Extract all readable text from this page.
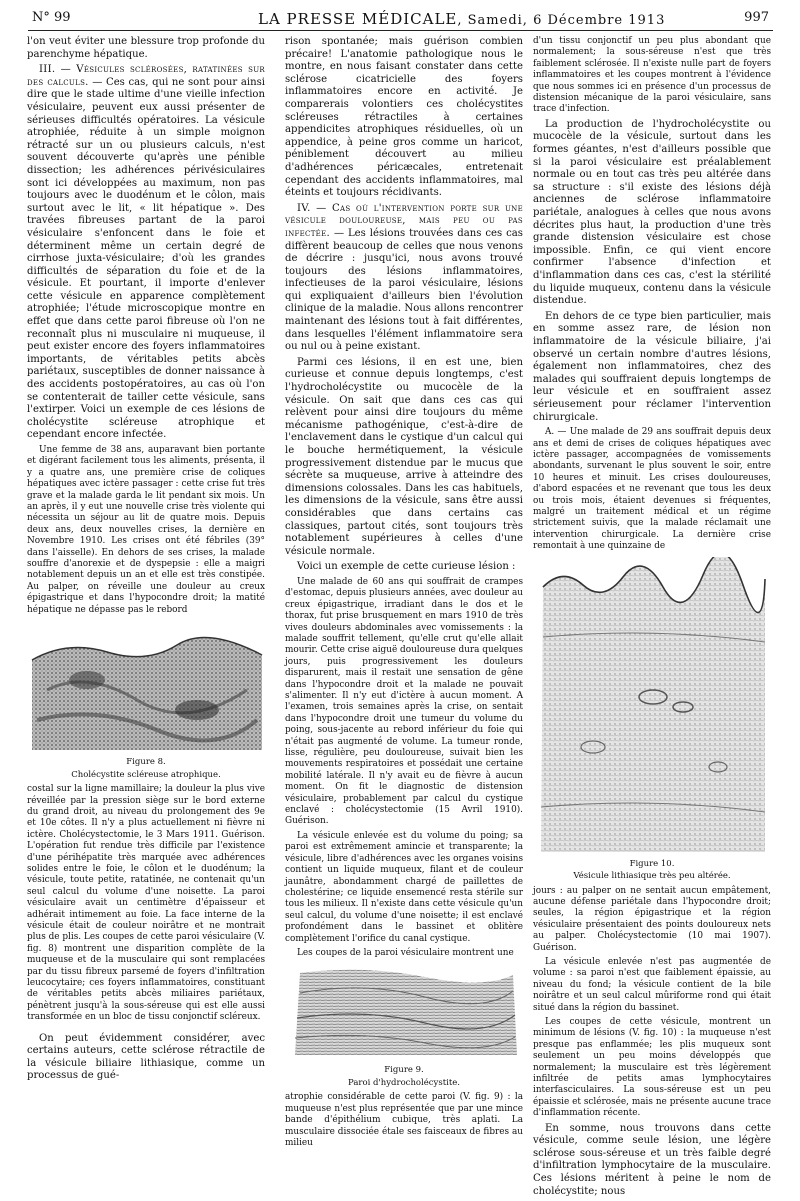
N° 99	LA PRESSE MÉDICALE, Samedi, 6 Décembre 1913	997

l'on veut éviter une blessure trop profonde du parenchyme hépatique.

III. — Vésicules sclérosées, ratatinées sur des calculs. — Ces cas, qui ne sont pour ainsi dire que le stade ultime d'une vieille infection vésiculaire, peuvent eux aussi présenter de sérieuses difficultés opératoires. La vésicule atrophiée, réduite à un simple moignon rétracté sur un ou plusieurs calculs, n'est souvent découverte qu'après une pénible dissection; les adhérences périvésiculaires sont ici développées au maximum, non pas toujours avec le duodénum et le côlon, mais surtout avec le lit, « lit hépatique ». Des travées fibreuses partant de la paroi vésiculaire s'enfoncent dans le foie et déterminent même un certain degré de cirrhose juxta-vésiculaire; d'où les grandes difficultés de séparation du foie et de la vésicule. Et pourtant, il importe d'enlever cette vésicule en apparence complètement atrophiée; l'étude microscopique montre en effet que dans cette paroi fibreuse où l'on ne reconnaît plus ni musculaire ni muqueuse, il peut exister encore des foyers inflammatoires importants, de véritables petits abcès pariétaux, susceptibles de donner naissance à des accidents postopératoires, au cas où l'on se contenterait de tailler cette vésicule, sans l'extirper. Voici un exemple de ces lésions de cholécystite scléreuse atrophique et cependant encore infectée.

Une femme de 38 ans, auparavant bien portante et digérant facilement tous les aliments, présenta, il y a quatre ans, une première crise de coliques hépatiques avec ictère passager : cette crise fut très grave et la malade garda le lit pendant six mois. Un an après, il y eut une nouvelle crise très violente qui nécessita un séjour au lit de quatre mois. Depuis deux ans, deux nouvelles crises, la dernière en Novembre 1910. Les crises ont été fébriles (39° dans l'aisselle). En dehors de ses crises, la malade souffre d'anorexie et de dyspepsie : elle a maigri notablement depuis un an et elle est très constipée. Au palper, on réveille une douleur au creux épigastrique et dans l'hypocondre droit; la matité hépatique ne dépasse pas le rebord

Figure 8.
Cholécystite scléreuse atrophique.

costal sur la ligne mamillaire; la douleur la plus vive réveillée par la pression siège sur le bord externe du grand droit, au niveau du prolongement des 9e et 10e côtes. Il n'y a plus actuellement ni fièvre ni ictère. Cholécystectomie, le 3 Mars 1911. Guérison. L'opération fut rendue très difficile par l'existence d'une périhépatite très marquée avec adhérences solides entre le foie, le côlon et le duodénum; la vésicule, toute petite, ratatinée, ne contenait qu'un seul calcul du volume d'une noisette. La paroi vésiculaire avait un centimètre d'épaisseur et adhérait intimement au foie. La face interne de la vésicule était de couleur noirâtre et ne montrait plus de plis. Les coupes de cette paroi vésiculaire (V. fig. 8) montrent une disparition complète de la muqueuse et de la musculaire qui sont remplacées par du tissu fibreux parsemé de foyers d'infiltration leucocytaire; ces foyers inflammatoires, constituant de véritables petits abcès miliaires pariétaux, pénètrent jusqu'à la sous-séreuse qui est elle aussi transformée en un bloc de tissu conjonctif scléreux.

On peut évidemment considérer, avec certains auteurs, cette sclérose rétractile de la vésicule biliaire lithiasique, comme un processus de gué-

rison spontanée; mais guérison combien précaire! L'anatomie pathologique nous le montre, en nous faisant constater dans cette sclérose cicatricielle des foyers inflammatoires encore en activité. Je comparerais volontiers ces cholécystites scléreuses rétractiles à certaines appendicites atrophiques résiduelles, où un appendice, à peine gros comme un haricot, péniblement découvert au milieu d'adhérences péricæcales, entretenait cependant des accidents inflammatoires, mal éteints et toujours récidivants.

IV. — Cas où l'intervention porte sur une vésicule douloureuse, mais peu ou pas infectée. — Les lésions trouvées dans ces cas diffèrent beaucoup de celles que nous venons de décrire : jusqu'ici, nous avons trouvé toujours des lésions inflammatoires, infectieuses de la paroi vésiculaire, lésions qui expliquaient d'ailleurs bien l'évolution clinique de la maladie. Nous allons rencontrer maintenant des lésions tout à fait différentes, dans lesquelles l'élément inflammatoire sera ou nul ou à peine existant.

Parmi ces lésions, il en est une, bien curieuse et connue depuis longtemps, c'est l'hydrocholécystite ou mucocèle de la vésicule. On sait que dans ces cas qui relèvent pour ainsi dire toujours du même mécanisme pathogénique, c'est-à-dire de l'enclavement dans le cystique d'un calcul qui le bouche hermétiquement, la vésicule progressivement distendue par le mucus que sécrète sa muqueuse, arrive à atteindre des dimensions colossales. Dans les cas habituels, les dimensions de la vésicule, sans être aussi considérables que dans certains cas classiques, partout cités, sont toujours très notablement supérieures à celles d'une vésicule normale.

Voici un exemple de cette curieuse lésion :

Une malade de 60 ans qui souffrait de crampes d'estomac, depuis plusieurs années, avec douleur au creux épigastrique, irradiant dans le dos et le thorax, fut prise brusquement en mars 1910 de très vives douleurs abdominales avec vomissements : la malade souffrit tellement, qu'elle crut qu'elle allait mourir. Cette crise aiguë douloureuse dura quelques jours, puis progressivement les douleurs disparurent, mais il restait une sensation de gêne dans l'hypocondre droit et la malade ne pouvait s'alimenter. Il n'y eut d'ictère à aucun moment. A l'examen, trois semaines après la crise, on sentait dans l'hypocondre droit une tumeur du volume du poing, sous-jacente au rebord inférieur du foie qui n'était pas augmenté de volume. La tumeur ronde, lisse, régulière, peu douloureuse, suivait bien les mouvements respiratoires et possédait une certaine mobilité latérale. Il n'y avait eu de fièvre à aucun moment. On fit le diagnostic de distension vésiculaire, probablement par calcul du cystique enclavé : cholécystectomie (15 Avril 1910). Guérison.

La vésicule enlevée est du volume du poing; sa paroi est extrêmement amincie et transparente; la vésicule, libre d'adhérences avec les organes voisins contient un liquide muqueux, filant et de couleur jaunâtre, abondamment chargé de paillettes de cholestérine; ce liquide ensemencé resta stérile sur tous les milieux. Il n'existe dans cette vésicule qu'un seul calcul, du volume d'une noisette; il est enclavé profondément dans le bassinet et oblitère complètement l'orifice du canal cystique.

Les coupes de la paroi vésiculaire montrent une

Figure 9.
Paroi d'hydrocholécystite.

atrophie considérable de cette paroi (V. fig. 9) : la muqueuse n'est plus représentée que par une mince bande d'épithélium cubique, très aplati. La musculaire dissociée étale ses faisceaux de fibres au milieu

d'un tissu conjonctif un peu plus abondant que normalement; la sous-séreuse n'est que très faiblement sclérosée. Il n'existe nulle part de foyers inflammatoires et les coupes montrent à l'évidence que nous sommes ici en présence d'un processus de distension mécanique de la paroi vésiculaire, sans trace d'infection.

La production de l'hydrocholécystite ou mucocèle de la vésicule, surtout dans les formes géantes, n'est d'ailleurs possible que si la paroi vésiculaire est préalablement normale ou en tout cas très peu altérée dans sa structure : s'il existe des lésions déjà anciennes de sclérose inflammatoire pariétale, analogues à celles que nous avons décrites plus haut, la production d'une très grande distension vésiculaire est chose impossible. Enfin, ce qui vient encore confirmer l'absence d'infection et d'inflammation dans ces cas, c'est la stérilité du liquide muqueux, contenu dans la vésicule distendue.

En dehors de ce type bien particulier, mais en somme assez rare, de lésion non inflammatoire de la vésicule biliaire, j'ai observé un certain nombre d'autres lésions, également non inflammatoires, chez des malades qui souffraient depuis longtemps de leur vésicule et en souffraient assez sérieusement pour réclamer l'intervention chirurgicale.

A. — Une malade de 29 ans souffrait depuis deux ans et demi de crises de coliques hépatiques avec ictère passager, accompagnées de vomissements abondants, survenant le plus souvent le soir, entre 10 heures et minuit. Les crises douloureuses, d'abord espacées et ne revenant que tous les deux ou trois mois, étaient devenues si fréquentes, malgré un traitement médical et un régime strictement suivis, que la malade réclamait une intervention chirurgicale. La dernière crise remontait à une quinzaine de

Figure 10.
Vésicule lithiasique très peu altérée.

jours : au palper on ne sentait aucun empâtement, aucune défense pariétale dans l'hypocondre droit; seules, la région épigastrique et la région vésiculaire présentaient des points douloureux nets au palper. Cholécystectomie (10 mai 1907). Guérison.

La vésicule enlevée n'est pas augmentée de volume : sa paroi n'est que faiblement épaissie, au niveau du fond; la vésicule contient de la bile noirâtre et un seul calcul mûriforme rond qui était situé dans la région du bassinet.

Les coupes de cette vésicule, montrent un minimum de lésions (V. fig. 10) : la muqueuse n'est presque pas enflammée; les plis muqueux sont seulement un peu moins développés que normalement; la musculaire est très légèrement infiltrée de petits amas lymphocytaires interfasciculaires. La sous-séreuse est un peu épaissie et sclérosée, mais ne présente aucune trace d'inflammation récente.

En somme, nous trouvons dans cette vésicule, comme seule lésion, une légère sclérose sous-séreuse et un très faible degré d'infiltration lymphocytaire de la musculaire. Ces lésions méritent à peine le nom de cholécystite; nous
